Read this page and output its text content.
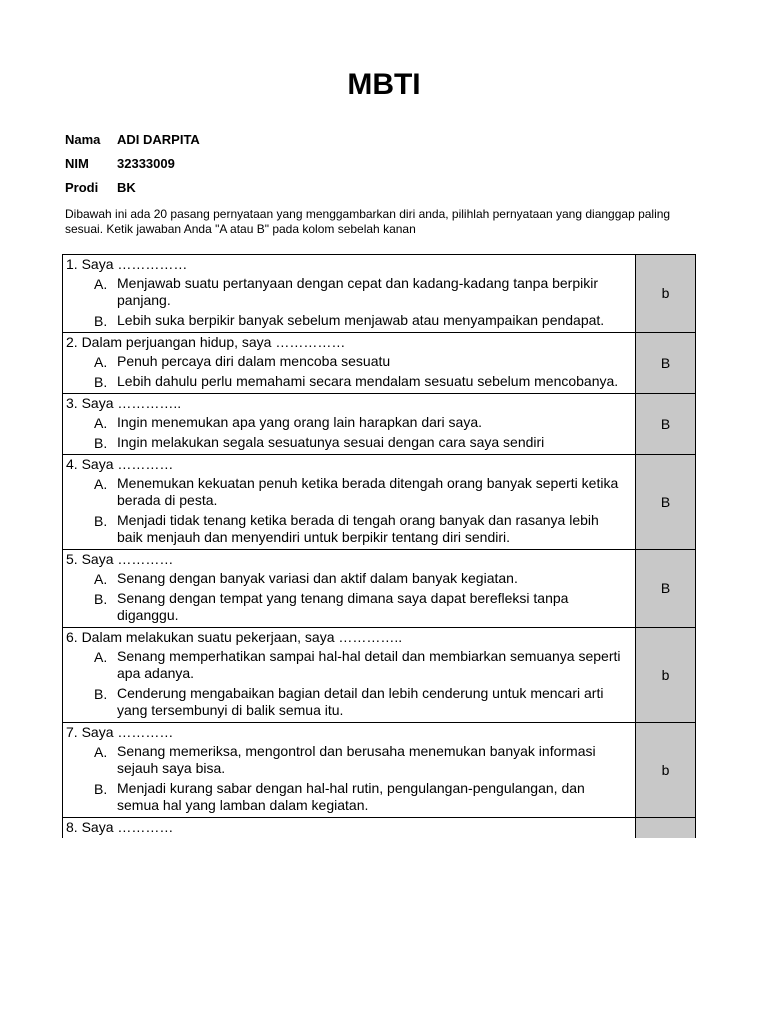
MBTI
Nama ADI DARPITA
NIM 32333009
Prodi BK
Dibawah ini ada 20 pasang pernyataan yang menggambarkan diri anda, pilihlah pernyataan yang dianggap paling sesuai. Ketik jawaban Anda "A atau B" pada kolom sebelah kanan
1. Saya ……………
A. Menjawab suatu pertanyaan dengan cepat dan kadang-kadang tanpa berpikir panjang.
B. Lebih suka berpikir banyak sebelum menjawab atau menyampaikan pendapat.	b

2. Dalam perjuangan hidup, saya ……………
A. Penuh percaya diri dalam mencoba sesuatu
B. Lebih dahulu perlu memahami secara mendalam sesuatu sebelum mencobanya.	B

3. Saya …………..
A. Ingin menemukan apa yang orang lain harapkan dari saya.
B. Ingin melakukan segala sesuatunya sesuai dengan cara saya sendiri	B

4. Saya …………
A. Menemukan kekuatan penuh ketika berada ditengah orang banyak seperti ketika berada di pesta.
B. Menjadi tidak tenang ketika berada di tengah orang banyak dan rasanya lebih baik menjauh dan menyendiri untuk berpikir tentang diri sendiri.	B

5. Saya …………
A. Senang dengan banyak variasi dan aktif dalam banyak kegiatan.
B. Senang dengan tempat yang tenang dimana saya dapat berefleksi tanpa diganggu.	B

6. Dalam melakukan suatu pekerjaan, saya …………..
A. Senang memperhatikan sampai hal-hal detail dan membiarkan semuanya seperti apa adanya.
B. Cenderung mengabaikan bagian detail dan lebih cenderung untuk mencari arti yang tersembunyi di balik semua itu.	b

7. Saya …………
A. Senang memeriksa, mengontrol dan berusaha menemukan banyak informasi sejauh saya bisa.
B. Menjadi kurang sabar dengan hal-hal rutin, pengulangan-pengulangan, dan semua hal yang lamban dalam kegiatan.	b

8. Saya …………	
